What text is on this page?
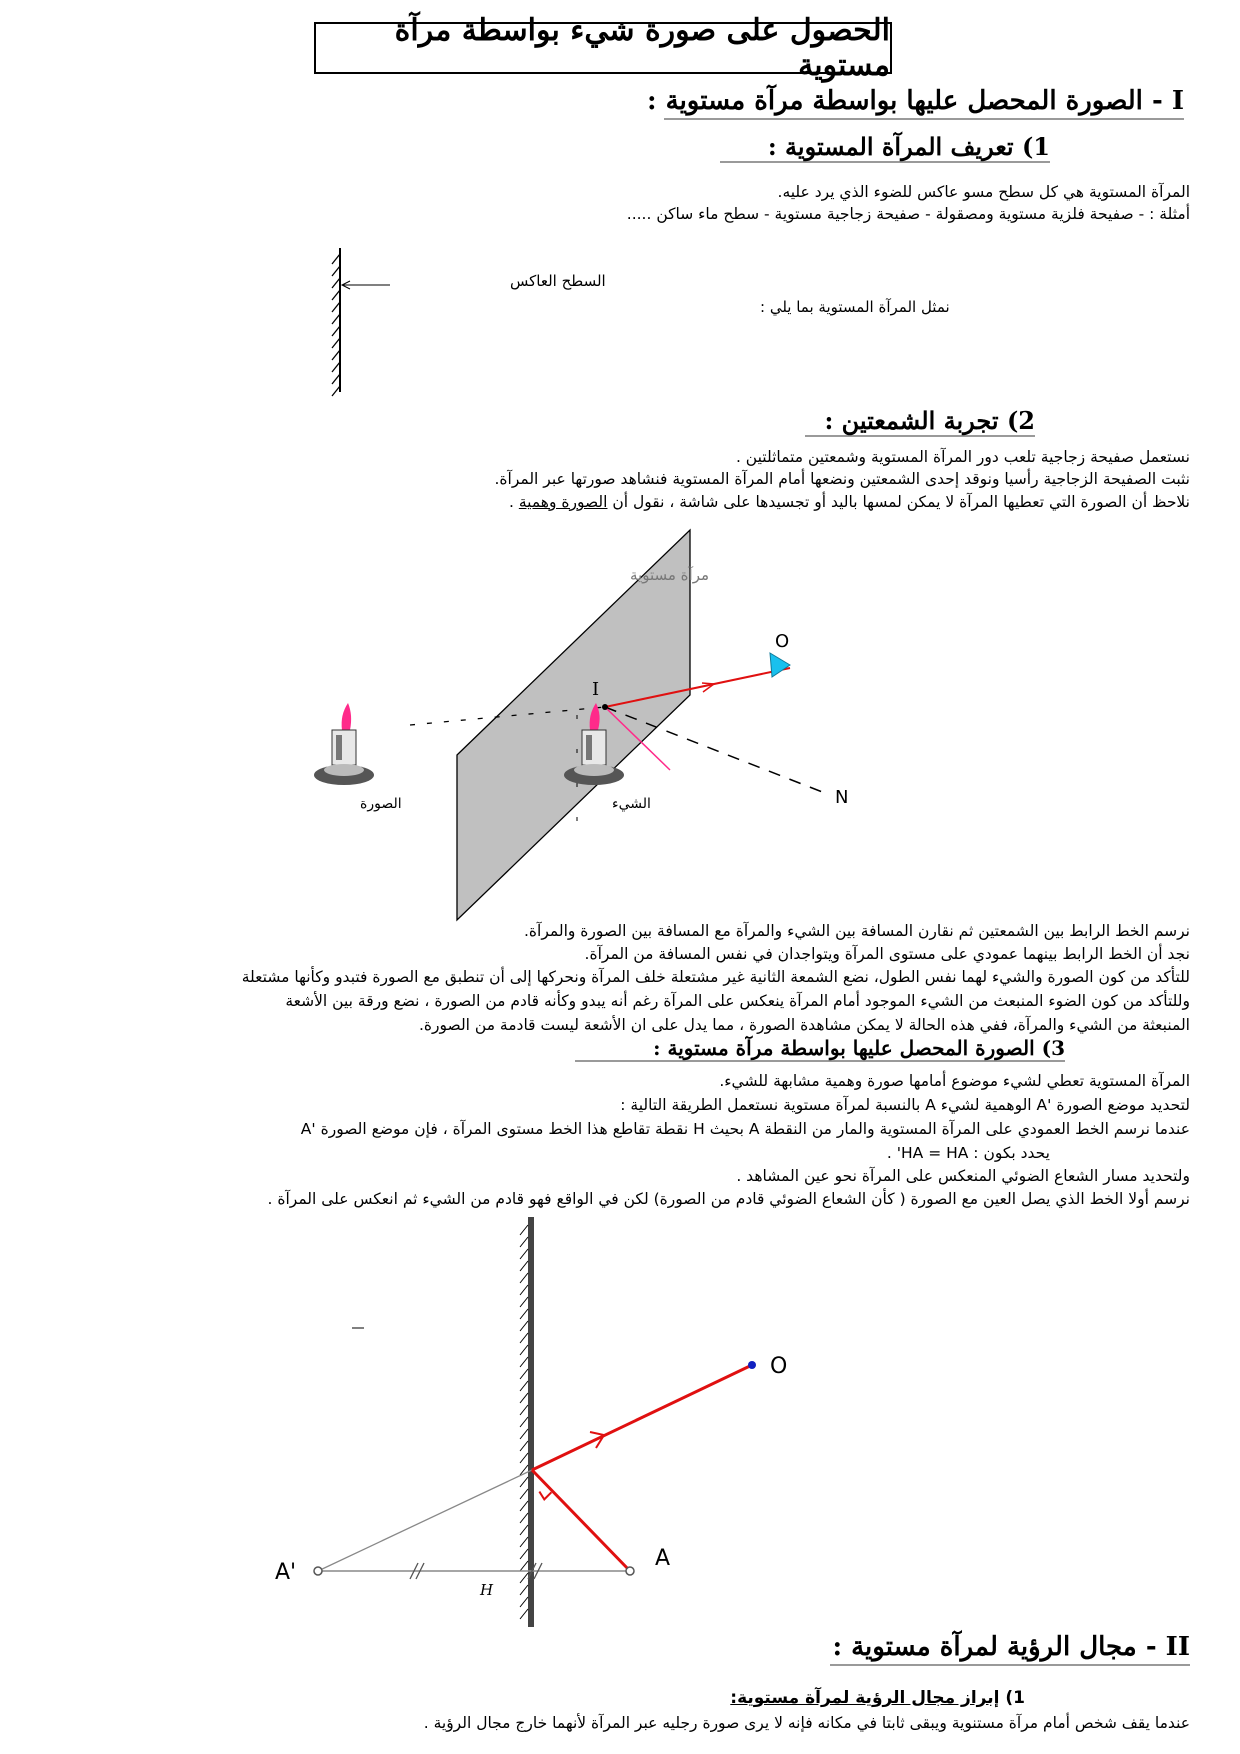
الحصول على صورة شيء بواسطة مرآة مستوية
I - الصورة المحصل عليها بواسطة مرآة مستوية :
1) تعريف المرآة المستوية :
المرآة المستوية هي كل سطح مسو عاكس للضوء الذي يرد عليه.
أمثلة : - صفيحة فلزية مستوية ومصقولة - صفيحة زجاجية مستوية - سطح ماء ساكن .....
السطح العاكس
نمثل المرآة المستوية بما يلي :
2) تجربة الشمعتين :
نستعمل صفيحة زجاجية تلعب دور المرآة المستوية وشمعتين متماثلتين .
نثبت الصفيحة الزجاجية رأسيا ونوقد إحدى الشمعتين ونضعها أمام المرآة المستوية فنشاهد صورتها عبر المرآة.
نلاحظ أن الصورة التي تعطيها المرآة لا يمكن لمسها باليد أو تجسيدها على شاشة ، نقول أن الصورة وهمية .
مرآة مستوية
N
I
O
الصورة	الشيء
نرسم الخط الرابط بين الشمعتين ثم نقارن المسافة بين الشيء والمرآة مع المسافة بين الصورة والمرآة.
نجد أن الخط الرابط بينهما عمودي على مستوى المرآة ويتواجدان في نفس المسافة من المرآة.
للتأكد من كون الصورة والشيء لهما نفس الطول، نضع الشمعة الثانية غير مشتعلة خلف المرآة ونحركها إلى أن تنطبق مع الصورة فتبدو وكأنها مشتعلة
وللتأكد من كون الضوء المنبعث من الشيء الموجود أمام المرآة ينعكس على المرآة رغم أنه يبدو وكأنه قادم من الصورة ، نضع ورقة بين الأشعة
المنبعثة من الشيء والمرآة، ففي هذه الحالة لا يمكن مشاهدة الصورة ، مما يدل على ان الأشعة ليست قادمة من الصورة.
3) الصورة المحصل عليها بواسطة مرآة مستوية :
المرآة المستوية تعطي لشيء موضوع أمامها صورة وهمية مشابهة للشيء.
لتحديد موضع الصورة 'A الوهمية لشيء A بالنسبة لمرآة مستوية نستعمل الطريقة التالية :
عندما نرسم الخط العمودي على المرآة المستوية والمار من النقطة A بحيث H نقطة تقاطع هذا الخط مستوى المرآة ، فإن موضع الصورة 'A
يحدد بكون : HA = HA' .
ولتحديد مسار الشعاع الضوئي المنعكس على المرآة نحو عين المشاهد .
نرسم أولا الخط الذي يصل العين مع الصورة ( كأن الشعاع الضوئي قادم من الصورة) لكن في الواقع فهو قادم من الشيء ثم انعكس على المرآة .
O
A
A'
H
II - مجال الرؤية لمرآة مستوية :
1) إبراز مجال الرؤية لمرآة مستوية:
عندما يقف شخص أمام مرآة مستنوية ويبقى ثابتا في مكانه فإنه لا يرى صورة رجليه عبر المرآة لأنهما خارج مجال الرؤية .
